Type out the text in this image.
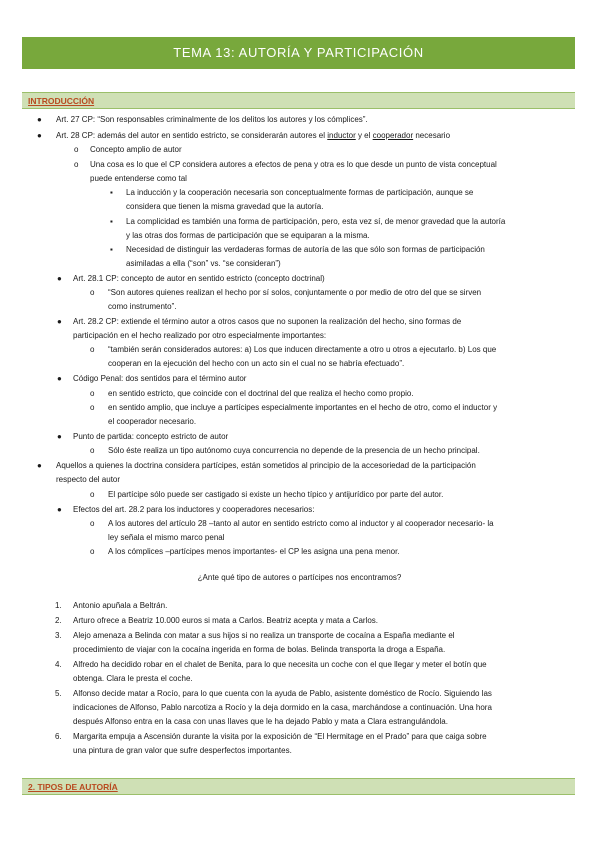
TEMA 13: AUTORÍA Y PARTICIPACIÓN
INTRODUCCIÓN
● Art. 27 CP: “Son responsables criminalmente de los delitos los autores y los cómplices”.
● Art. 28 CP: además del autor en sentido estricto, se considerarán autores el inductor y el cooperador necesario
o Concepto amplio de autor
o Una cosa es lo que el CP considera autores a efectos de pena y otra es lo que desde un punto de vista conceptual
puede entenderse como tal
▪ La inducción y la cooperación necesaria son conceptualmente formas de participación, aunque se
considera que tienen la misma gravedad que la autoría.
▪ La complicidad es también una forma de participación, pero, esta vez sí, de menor gravedad que la autoría
y las otras dos formas de participación que se equiparan a la misma.
▪ Necesidad de distinguir las verdaderas formas de autoría de las que sólo son formas de participación
asimiladas a ella (“son” vs. “se consideran”)
● Art. 28.1 CP: concepto de autor en sentido estricto (concepto doctrinal)
o “Son autores quienes realizan el hecho por sí solos, conjuntamente o por medio de otro del que se sirven
como instrumento”.
● Art. 28.2 CP: extiende el término autor a otros casos que no suponen la realización del hecho, sino formas de
participación en el hecho realizado por otro especialmente importantes:
o “también serán considerados autores: a) Los que inducen directamente a otro u otros a ejecutarlo. b) Los que
cooperan en la ejecución del hecho con un acto sin el cual no se habría efectuado”.
● Código Penal: dos sentidos para el término autor
o en sentido estricto, que coincide con el doctrinal del que realiza el hecho como propio.
o en sentido amplio, que incluye a partícipes especialmente importantes en el hecho de otro, como el inductor y
el cooperador necesario.
● Punto de partida: concepto estricto de autor
o Sólo éste realiza un tipo autónomo cuya concurrencia no depende de la presencia de un hecho principal.
● Aquellos a quienes la doctrina considera partícipes, están sometidos al principio de la accesoriedad de la participación
respecto del autor
o El partícipe sólo puede ser castigado si existe un hecho típico y antijurídico por parte del autor.
● Efectos del art. 28.2 para los inductores y cooperadores necesarios:
o A los autores del artículo 28 –tanto al autor en sentido estricto como al inductor y al cooperador necesario- la
ley señala el mismo marco penal
o A los cómplices –partícipes menos importantes- el CP les asigna una pena menor.
¿Ante qué tipo de autores o partícipes nos encontramos?
1. Antonio apuñala a Beltrán.
2. Arturo ofrece a Beatriz 10.000 euros si mata a Carlos. Beatriz acepta y mata a Carlos.
3. Alejo amenaza a Belinda con matar a sus hijos si no realiza un transporte de cocaína a España mediante el
procedimiento de viajar con la cocaína ingerida en forma de bolas. Belinda transporta la droga a España.
4. Alfredo ha decidido robar en el chalet de Benita, para lo que necesita un coche con el que llegar y meter el botín que
obtenga. Clara le presta el coche.
5. Alfonso decide matar a Rocío, para lo que cuenta con la ayuda de Pablo, asistente doméstico de Rocío. Siguiendo las
indicaciones de Alfonso, Pablo narcotiza a Rocío y la deja dormido en la casa, marchándose a continuación. Una hora
después Alfonso entra en la casa con unas llaves que le ha dejado Pablo y mata a Clara estrangulándola.
6. Margarita empuja a Ascensión durante la visita por la exposición de “El Hermitage en el Prado” para que caiga sobre
una pintura de gran valor que sufre desperfectos importantes.
2. TIPOS DE AUTORÍA
